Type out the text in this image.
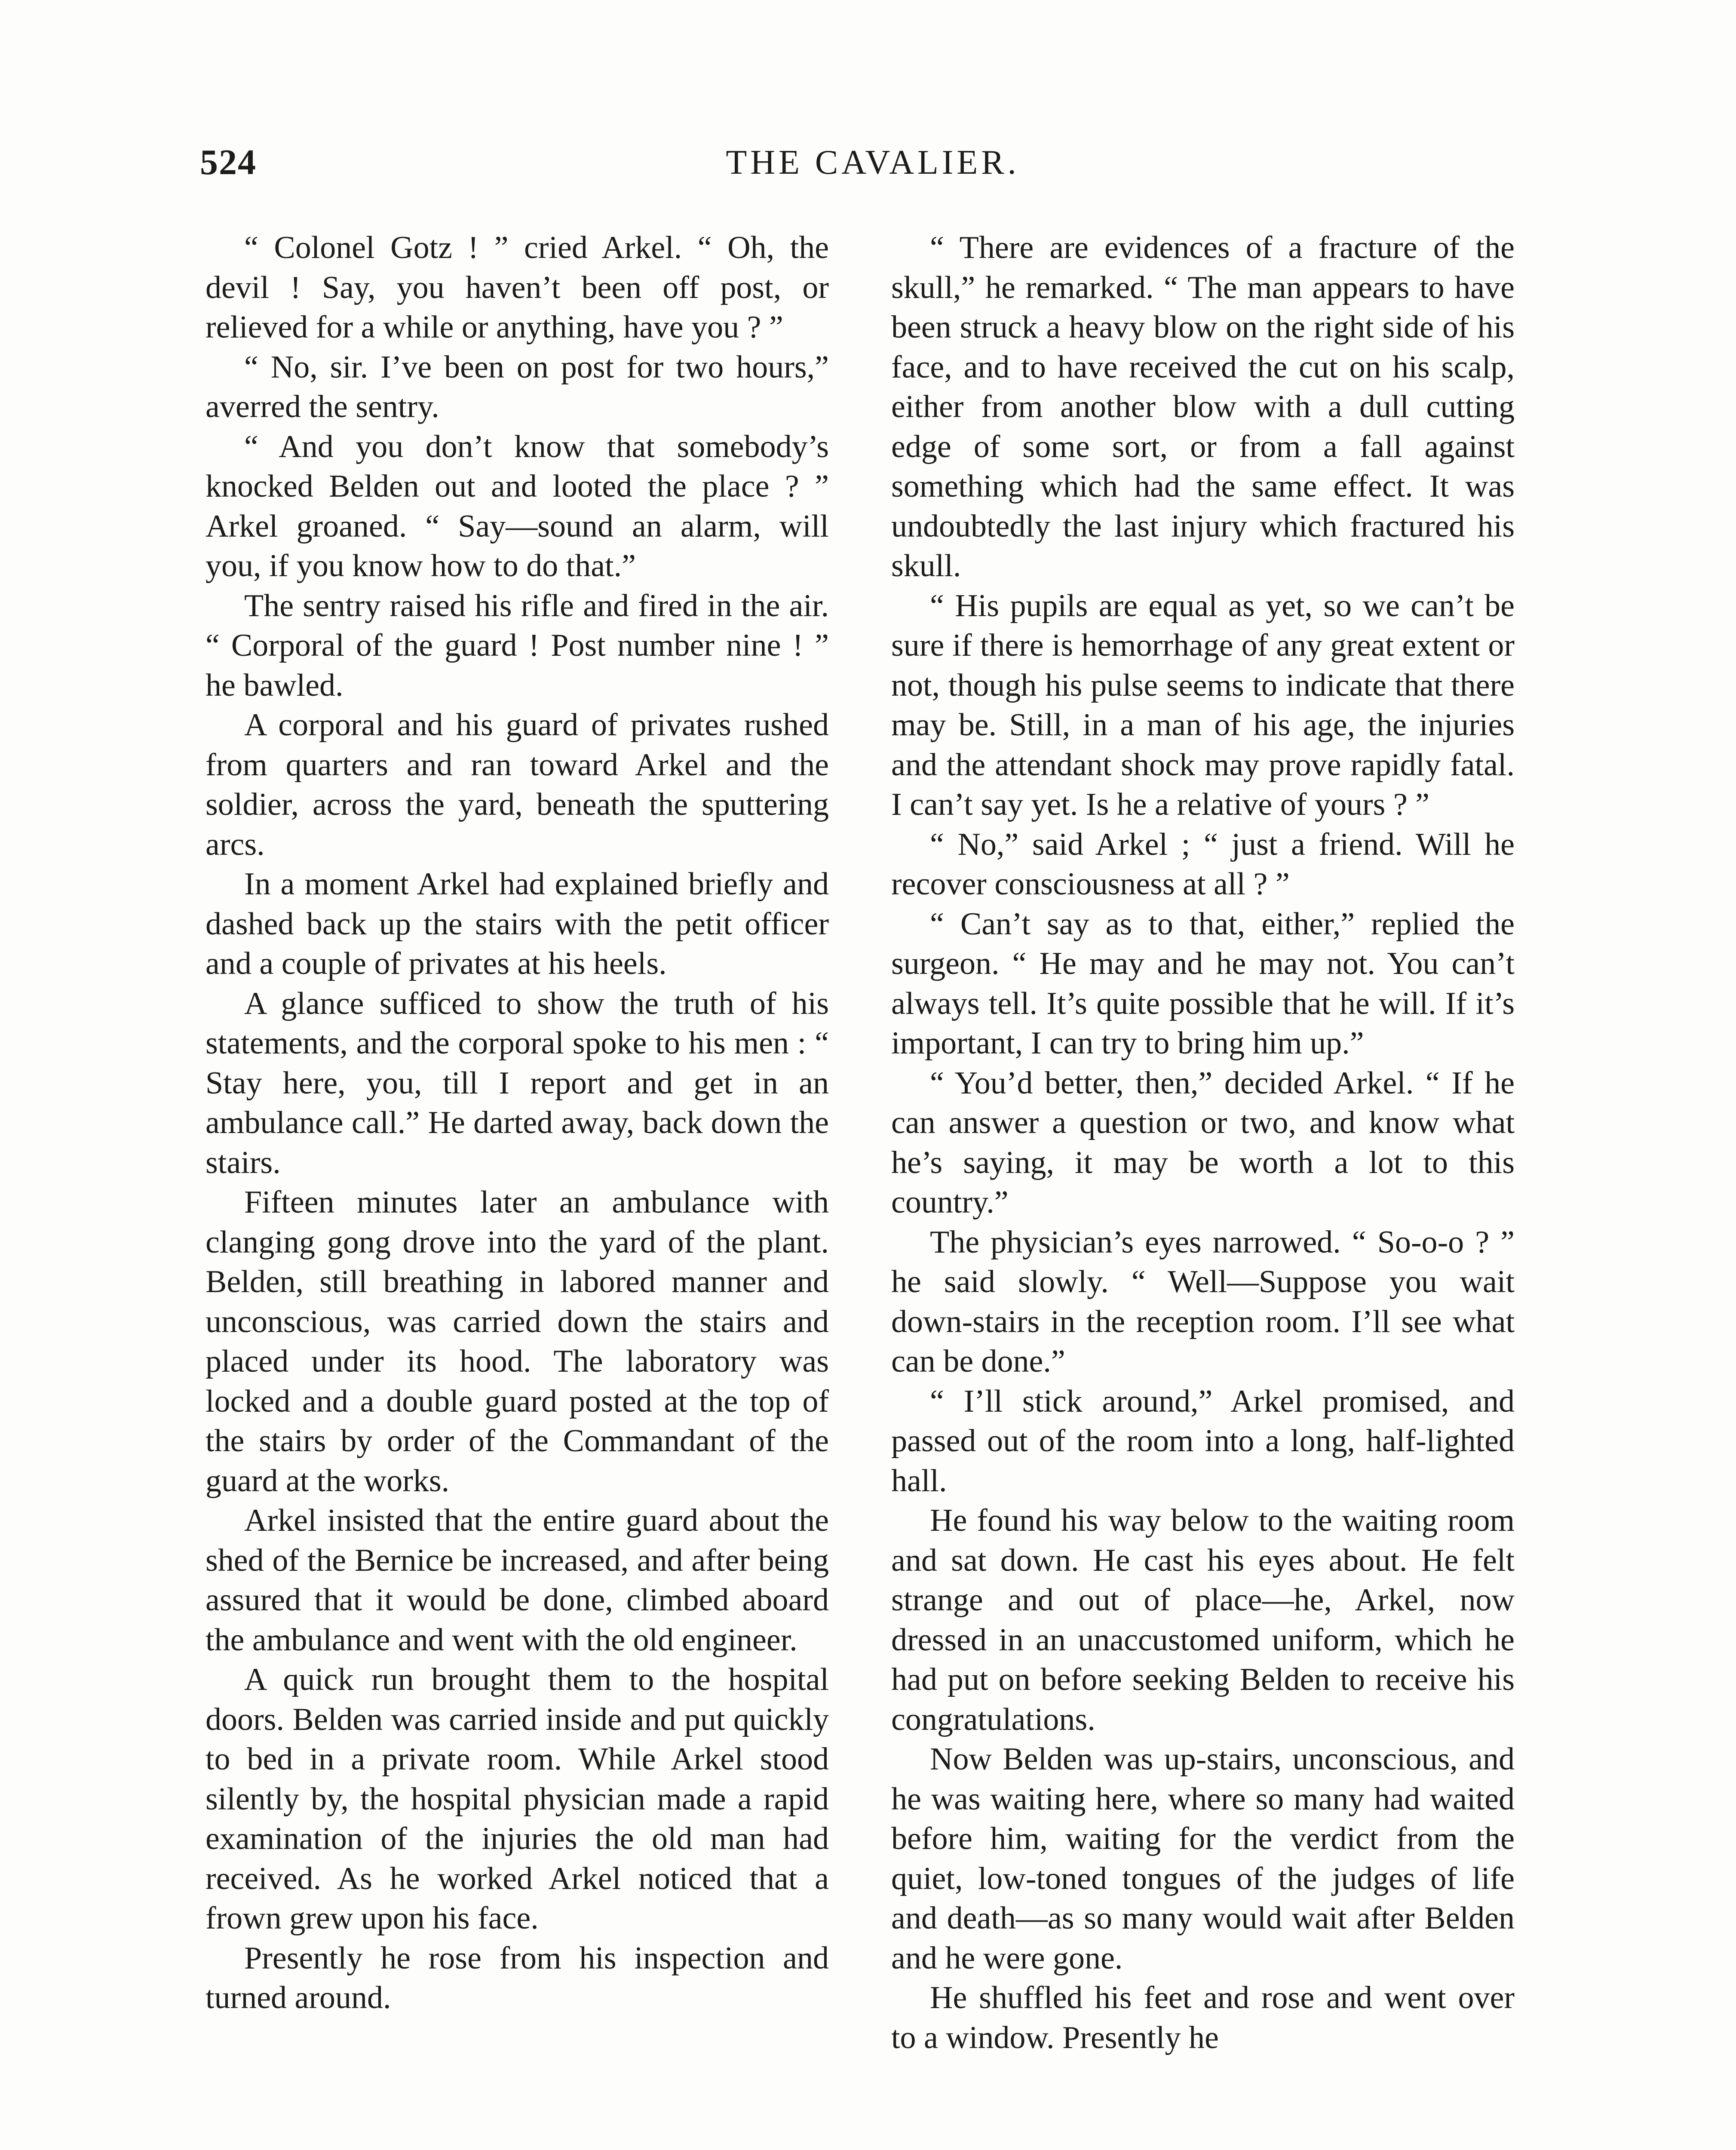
524	THE CAVALIER.

“ Colonel Gotz ! ” cried Arkel. “ Oh, the devil ! Say, you haven’t been off post, or relieved for a while or anything, have you ? ”

“ No, sir. I’ve been on post for two hours,” averred the sentry.

“ And you don’t know that somebody’s knocked Belden out and looted the place ? ” Arkel groaned. “ Say—sound an alarm, will you, if you know how to do that.”

The sentry raised his rifle and fired in the air. “ Corporal of the guard ! Post number nine ! ” he bawled.

A corporal and his guard of privates rushed from quarters and ran toward Arkel and the soldier, across the yard, beneath the sputtering arcs.

In a moment Arkel had explained briefly and dashed back up the stairs with the petit officer and a couple of privates at his heels.

A glance sufficed to show the truth of his statements, and the corporal spoke to his men : “ Stay here, you, till I report and get in an ambulance call.” He darted away, back down the stairs.

Fifteen minutes later an ambulance with clanging gong drove into the yard of the plant. Belden, still breathing in labored manner and unconscious, was carried down the stairs and placed under its hood. The laboratory was locked and a double guard posted at the top of the stairs by order of the Commandant of the guard at the works.

Arkel insisted that the entire guard about the shed of the Bernice be increased, and after being assured that it would be done, climbed aboard the ambulance and went with the old engineer.

A quick run brought them to the hospital doors. Belden was carried inside and put quickly to bed in a private room. While Arkel stood silently by, the hospital physician made a rapid examination of the injuries the old man had received. As he worked Arkel noticed that a frown grew upon his face.

Presently he rose from his inspection and turned around.

“ There are evidences of a fracture of the skull,” he remarked. “ The man appears to have been struck a heavy blow on the right side of his face, and to have received the cut on his scalp, either from another blow with a dull cutting edge of some sort, or from a fall against something which had the same effect. It was undoubtedly the last injury which fractured his skull.

“ His pupils are equal as yet, so we can’t be sure if there is hemorrhage of any great extent or not, though his pulse seems to indicate that there may be. Still, in a man of his age, the injuries and the attendant shock may prove rapidly fatal. I can’t say yet. Is he a relative of yours ? ”

“ No,” said Arkel ; “ just a friend. Will he recover consciousness at all ? ”

“ Can’t say as to that, either,” replied the surgeon. “ He may and he may not. You can’t always tell. It’s quite possible that he will. If it’s important, I can try to bring him up.”

“ You’d better, then,” decided Arkel. “ If he can answer a question or two, and know what he’s saying, it may be worth a lot to this country.”

The physician’s eyes narrowed. “ So-o-o ? ” he said slowly. “ Well—Suppose you wait down-stairs in the reception room. I’ll see what can be done.”

“ I’ll stick around,” Arkel promised, and passed out of the room into a long, half-lighted hall.

He found his way below to the waiting room and sat down. He cast his eyes about. He felt strange and out of place—he, Arkel, now dressed in an unaccustomed uniform, which he had put on before seeking Belden to receive his congratulations.

Now Belden was up-stairs, unconscious, and he was waiting here, where so many had waited before him, waiting for the verdict from the quiet, low-toned tongues of the judges of life and death—as so many would wait after Belden and he were gone.

He shuffled his feet and rose and went over to a window. Presently he
